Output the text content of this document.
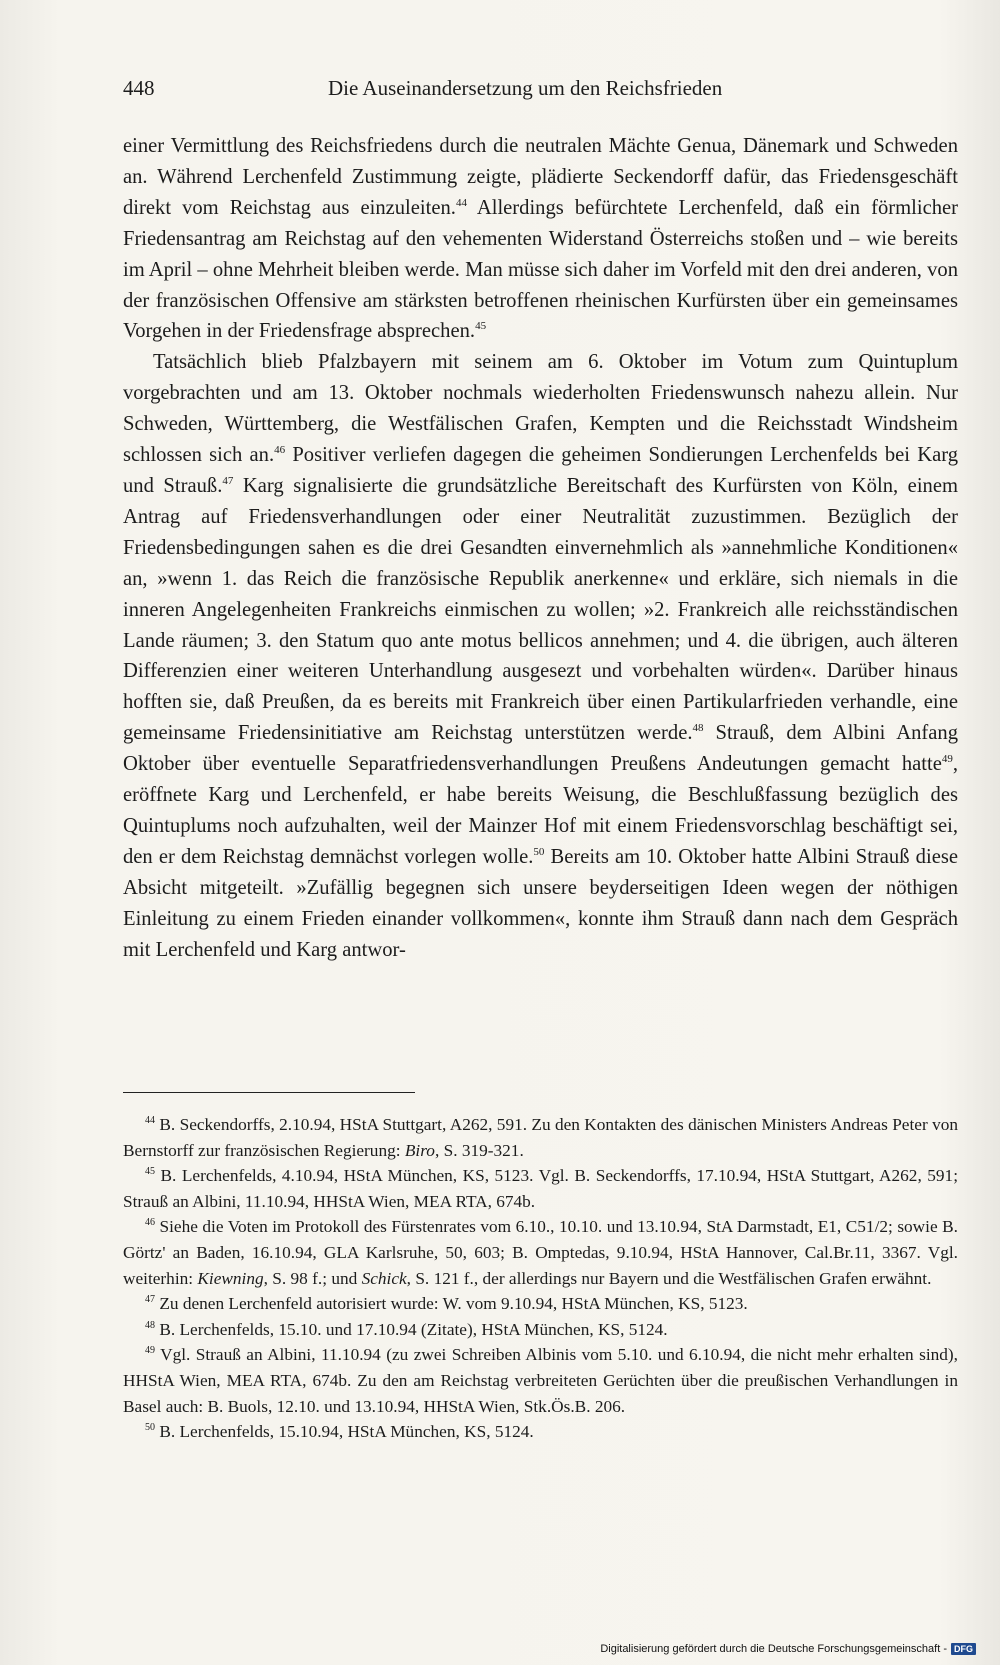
448	Die Auseinandersetzung um den Reichsfrieden

einer Vermittlung des Reichsfriedens durch die neutralen Mächte Genua, Dänemark und Schweden an. Während Lerchenfeld Zustimmung zeigte, plädierte Seckendorff dafür, das Friedensgeschäft direkt vom Reichstag aus einzuleiten.$^{44}$ Allerdings befürchtete Lerchenfeld, daß ein förmlicher Friedensantrag am Reichstag auf den vehementen Widerstand Österreichs stoßen und – wie bereits im April – ohne Mehrheit bleiben werde. Man müsse sich daher im Vorfeld mit den drei anderen, von der französischen Offensive am stärksten betroffenen rheinischen Kurfürsten über ein gemeinsames Vorgehen in der Friedensfrage absprechen.$^{45}$

Tatsächlich blieb Pfalzbayern mit seinem am 6. Oktober im Votum zum Quintuplum vorgebrachten und am 13. Oktober nochmals wiederholten Friedenswunsch nahezu allein. Nur Schweden, Württemberg, die Westfälischen Grafen, Kempten und die Reichsstadt Windsheim schlossen sich an.$^{46}$ Positiver verliefen dagegen die geheimen Sondierungen Lerchenfelds bei Karg und Strauß.$^{47}$ Karg signalisierte die grundsätzliche Bereitschaft des Kurfürsten von Köln, einem Antrag auf Friedensverhandlungen oder einer Neutralität zuzustimmen. Bezüglich der Friedensbedingungen sahen es die drei Gesandten einvernehmlich als »annehmliche Konditionen« an, »wenn 1. das Reich die französische Republik anerkenne« und erkläre, sich niemals in die inneren Angelegenheiten Frankreichs einmischen zu wollen; »2. Frankreich alle reichsständischen Lande räumen; 3. den Statum quo ante motus bellicos annehmen; und 4. die übrigen, auch älteren Differenzien einer weiteren Unterhandlung ausgesezt und vorbehalten würden«. Darüber hinaus hofften sie, daß Preußen, da es bereits mit Frankreich über einen Partikularfrieden verhandle, eine gemeinsame Friedensinitiative am Reichstag unterstützen werde.$^{48}$ Strauß, dem Albini Anfang Oktober über eventuelle Separatfriedensverhandlungen Preußens Andeutungen gemacht hatte$^{49}$, eröffnete Karg und Lerchenfeld, er habe bereits Weisung, die Beschlußfassung bezüglich des Quintuplums noch aufzuhalten, weil der Mainzer Hof mit einem Friedensvorschlag beschäftigt sei, den er dem Reichstag demnächst vorlegen wolle.$^{50}$ Bereits am 10. Oktober hatte Albini Strauß diese Absicht mitgeteilt. »Zufällig begegnen sich unsere beyderseitigen Ideen wegen der nöthigen Einleitung zu einem Frieden einander vollkommen«, konnte ihm Strauß dann nach dem Gespräch mit Lerchenfeld und Karg antwor-

$^{44}$ B. Seckendorffs, 2.10.94, HStA Stuttgart, A262, 591. Zu den Kontakten des dänischen Ministers Andreas Peter von Bernstorff zur französischen Regierung: Biro, S. 319-321.

$^{45}$ B. Lerchenfelds, 4.10.94, HStA München, KS, 5123. Vgl. B. Seckendorffs, 17.10.94, HStA Stuttgart, A262, 591; Strauß an Albini, 11.10.94, HHStA Wien, MEA RTA, 674b.

$^{46}$ Siehe die Voten im Protokoll des Fürstenrates vom 6.10., 10.10. und 13.10.94, StA Darmstadt, E1, C51/2; sowie B. Görtz' an Baden, 16.10.94, GLA Karlsruhe, 50, 603; B. Omptedas, 9.10.94, HStA Hannover, Cal.Br.11, 3367. Vgl. weiterhin: Kiewning, S. 98 f.; und Schick, S. 121 f., der allerdings nur Bayern und die Westfälischen Grafen erwähnt.

$^{47}$ Zu denen Lerchenfeld autorisiert wurde: W. vom 9.10.94, HStA München, KS, 5123.

$^{48}$ B. Lerchenfelds, 15.10. und 17.10.94 (Zitate), HStA München, KS, 5124.

$^{49}$ Vgl. Strauß an Albini, 11.10.94 (zu zwei Schreiben Albinis vom 5.10. und 6.10.94, die nicht mehr erhalten sind), HHStA Wien, MEA RTA, 674b. Zu den am Reichstag verbreiteten Gerüchten über die preußischen Verhandlungen in Basel auch: B. Buols, 12.10. und 13.10.94, HHStA Wien, Stk.Ös.B. 206.

$^{50}$ B. Lerchenfelds, 15.10.94, HStA München, KS, 5124.

Digitalisierung gefördert durch die Deutsche Forschungsgemeinschaft - DFG
